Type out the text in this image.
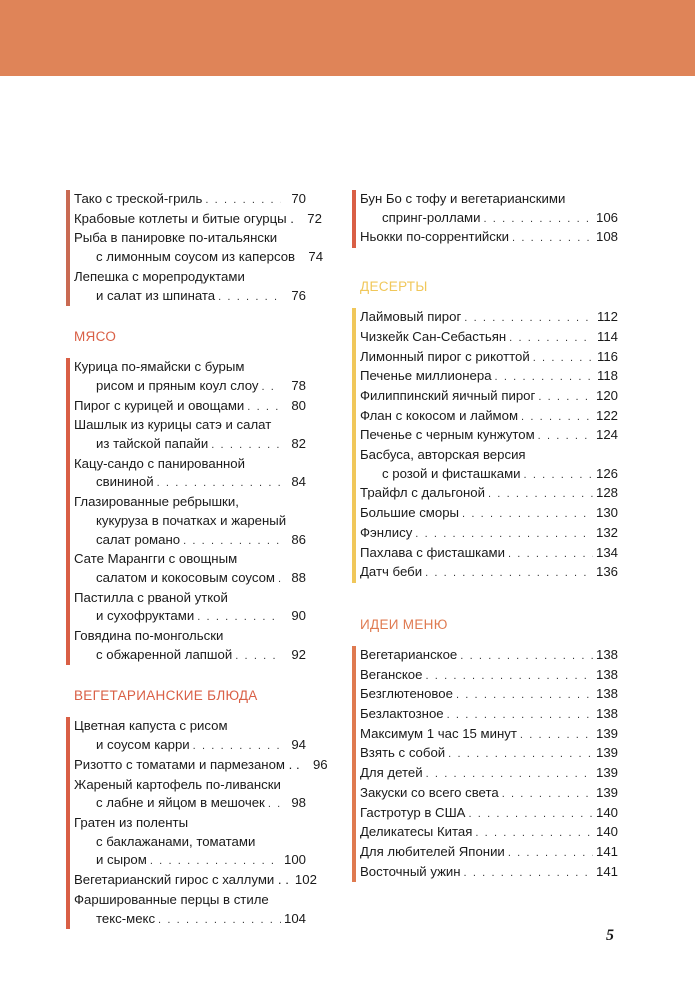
Тако с треской-гриль . . .	70
Крабовые котлеты и битые огурцы .	72
Рыба в панировке по-итальянски
с лимонным соусом из каперсов	74
Лепешка с морепродуктами
и салат из шпината . . .	76
МЯСО
Курица по-ямайски с бурым
рисом и пряным коул слоу . . .	78
Пирог с курицей и овощами . . .	80
Шашлык из курицы сатэ и салат
из тайской папайи . . .	82
Кацу-сандо с панированной
свининой . . .	84
Глазированные ребрышки,
кукуруза в початках и жареный
салат романо . . .	86
Сате Марангги с овощным
салатом и кокосовым соусом . . .	88
Пастилла с рваной уткой
и сухофруктами . . .	90
Говядина по-монгольски
с обжаренной лапшой . . .	92
ВЕГЕТАРИАНСКИЕ БЛЮДА
Цветная капуста с рисом
и соусом карри . . .	94
Ризотто с томатами и пармезаном . .	96
Жареный картофель по-ливански
с лабне и яйцом в мешочек . . .	98
Гратен из поленты
с баклажанами, томатами
и сыром . . .	100
Вегетарианский гирос с халлуми . . 102
Фаршированные перцы в стиле
текс-мекс . . .	104
Бун Бо с тофу и вегетарианскими
спринг-роллами . . .	106
Ньокки по-соррентийски . . .	108
ДЕСЕРТЫ
Лаймовый пирог . . .	112
Чизкейк Сан-Себастьян . . .	114
Лимонный пирог с рикоттой . . .	116
Печенье миллионера . . .	118
Филиппинский яичный пирог . . .	120
Флан с кокосом и лаймом . . .	122
Печенье с черным кунжутом . . .	124
Басбуса, авторская версия
с розой и фисташками . . .	126
Трайфл с дальгоной . . .	128
Большие сморы . . .	130
Фэнлису . . .	132
Пахлава с фисташками . . .	134
Датч беби . . .	136
ИДЕИ МЕНЮ
Вегетарианское . . .	138
Веганское . . .	138
Безглютеновое . . .	138
Безлактозное . . .	138
Максимум 1 час 15 минут . . .	139
Взять с собой . . .	139
Для детей . . .	139
Закуски со всего света . . .	139
Гастротур в США . . .	140
Деликатесы Китая . . .	140
Для любителей Японии . . .	141
Восточный ужин . . .	141
5
